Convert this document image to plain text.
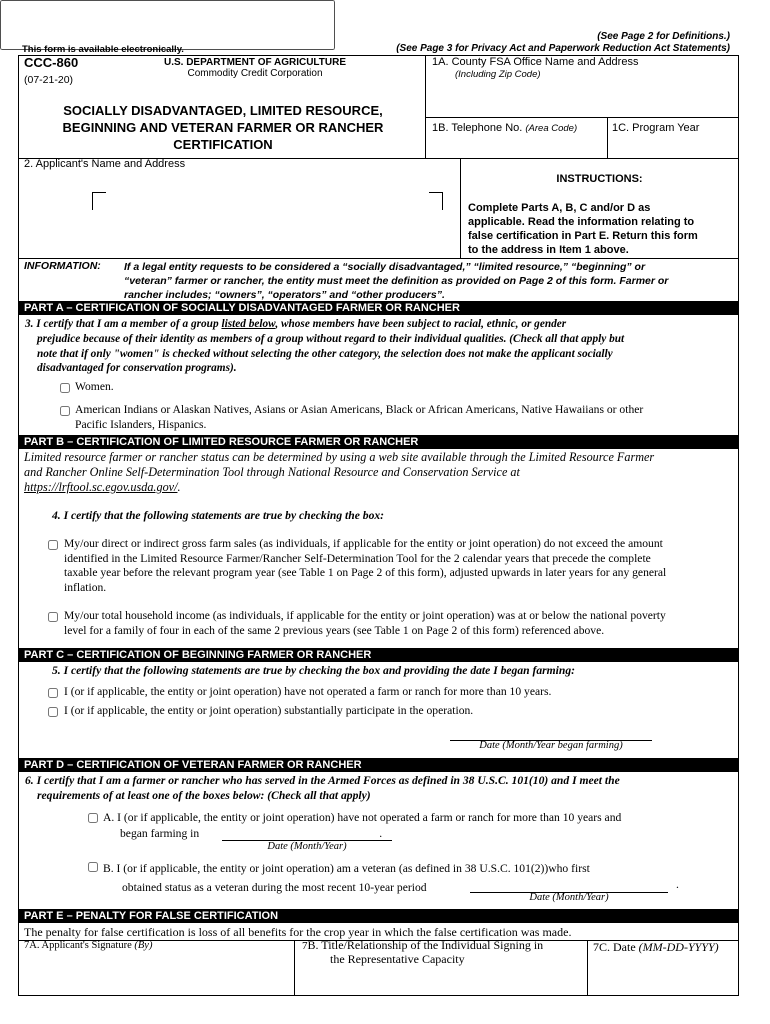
(See Page 2 for Definitions.)
(See Page 3 for Privacy Act and Paperwork Reduction Act Statements)
This form is available electronically.
CCC-860
(07-21-20)
U.S. DEPARTMENT OF AGRICULTURE
Commodity Credit Corporation
SOCIALLY DISADVANTAGED, LIMITED RESOURCE,
BEGINNING AND VETERAN FARMER OR RANCHER
CERTIFICATION
1A. County FSA Office Name and Address
(Including Zip Code)
1B. Telephone No. (Area Code)	1C. Program Year
2. Applicant's Name and Address
INSTRUCTIONS:
Complete Parts A, B, C and/or D as
applicable. Read the information relating to
false certification in Part E. Return this form
to the address in Item 1 above.
INFORMATION: If a legal entity requests to be considered a “socially disadvantaged,” “limited resource,” “beginning” or
“veteran” farmer or rancher, the entity must meet the definition as provided on Page 2 of this form. Farmer or
rancher includes; “owners”, “operators” and “other producers”.
PART A – CERTIFICATION OF SOCIALLY DISADVANTAGED FARMER OR RANCHER
3. I certify that I am a member of a group listed below, whose members have been subject to racial, ethnic, or gender
prejudice because of their identity as members of a group without regard to their individual qualities. (Check all that apply but
note that if only "women" is checked without selecting the other category, the selection does not make the applicant socially
disadvantaged for conservation programs).
Women.
American Indians or Alaskan Natives, Asians or Asian Americans, Black or African Americans, Native Hawaiians or other
Pacific Islanders, Hispanics.
PART B – CERTIFICATION OF LIMITED RESOURCE FARMER OR RANCHER
Limited resource farmer or rancher status can be determined by using a web site available through the Limited Resource Farmer
and Rancher Online Self-Determination Tool through National Resource and Conservation Service at
https://lrftool.sc.egov.usda.gov/.
4. I certify that the following statements are true by checking the box:
My/our direct or indirect gross farm sales (as individuals, if applicable for the entity or joint operation) do not exceed the amount
identified in the Limited Resource Farmer/Rancher Self-Determination Tool for the 2 calendar years that precede the complete
taxable year before the relevant program year (see Table 1 on Page 2 of this form), adjusted upwards in later years for any general
inflation.
My/our total household income (as individuals, if applicable for the entity or joint operation) was at or below the national poverty
level for a family of four in each of the same 2 previous years (see Table 1 on Page 2 of this form) referenced above.
PART C – CERTIFICATION OF BEGINNING FARMER OR RANCHER
5. I certify that the following statements are true by checking the box and providing the date I began farming:
I (or if applicable, the entity or joint operation) have not operated a farm or ranch for more than 10 years.
I (or if applicable, the entity or joint operation) substantially participate in the operation.
Date (Month/Year began farming)
PART D – CERTIFICATION OF VETERAN FARMER OR RANCHER
6. I certify that I am a farmer or rancher who has served in the Armed Forces as defined in 38 U.S.C. 101(10) and I meet the
requirements of at least one of the boxes below: (Check all that apply)
A. I (or if applicable, the entity or joint operation) have not operated a farm or ranch for more than 10 years and
began farming in	.
Date (Month/Year)
B. I (or if applicable, the entity or joint operation) am a veteran (as defined in 38 U.S.C. 101(2))who first
obtained status as a veteran during the most recent 10-year period	.
Date (Month/Year)
PART E – PENALTY FOR FALSE CERTIFICATION
The penalty for false certification is loss of all benefits for the crop year in which the false certification was made.
7A. Applicant's Signature (By)	7B. Title/Relationship of the Individual Signing in
the Representative Capacity
7C. Date (MM-DD-YYYY)
